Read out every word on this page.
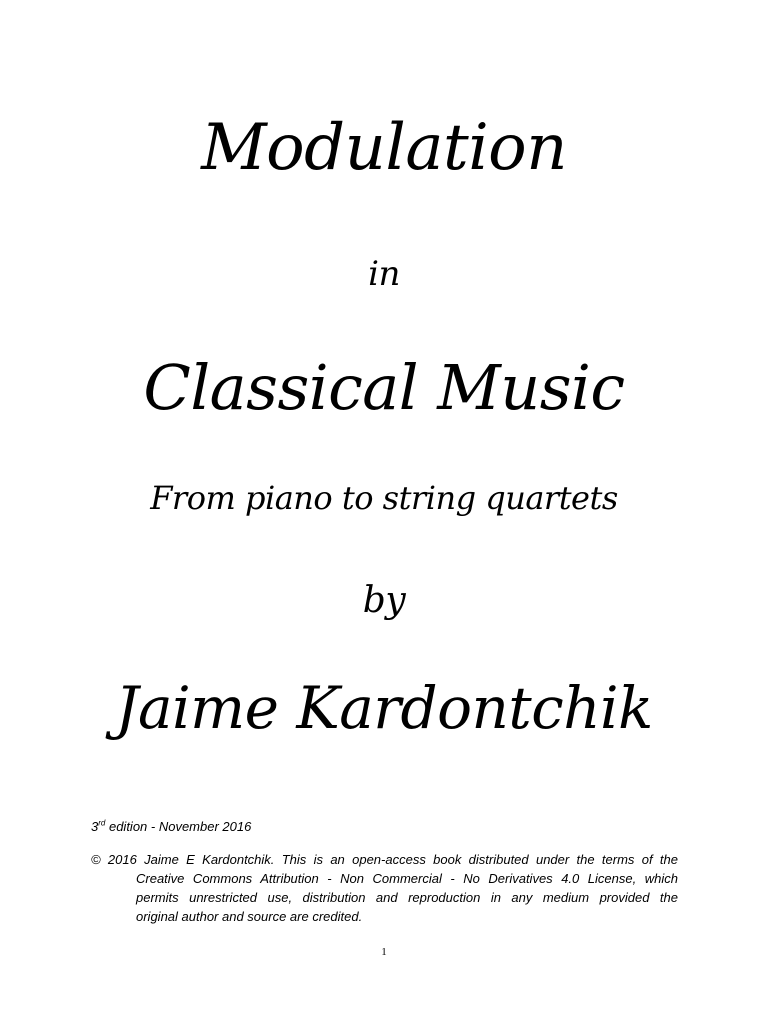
Modulation
in
Classical Music
From piano to string quartets
by
Jaime Kardontchik
3rd edition - November 2016
© 2016 Jaime E Kardontchik. This is an open-access book distributed under the terms of the
Creative Commons Attribution - Non Commercial - No Derivatives 4.0 License, which
permits unrestricted use, distribution and reproduction in any medium provided the
original author and source are credited.
1
